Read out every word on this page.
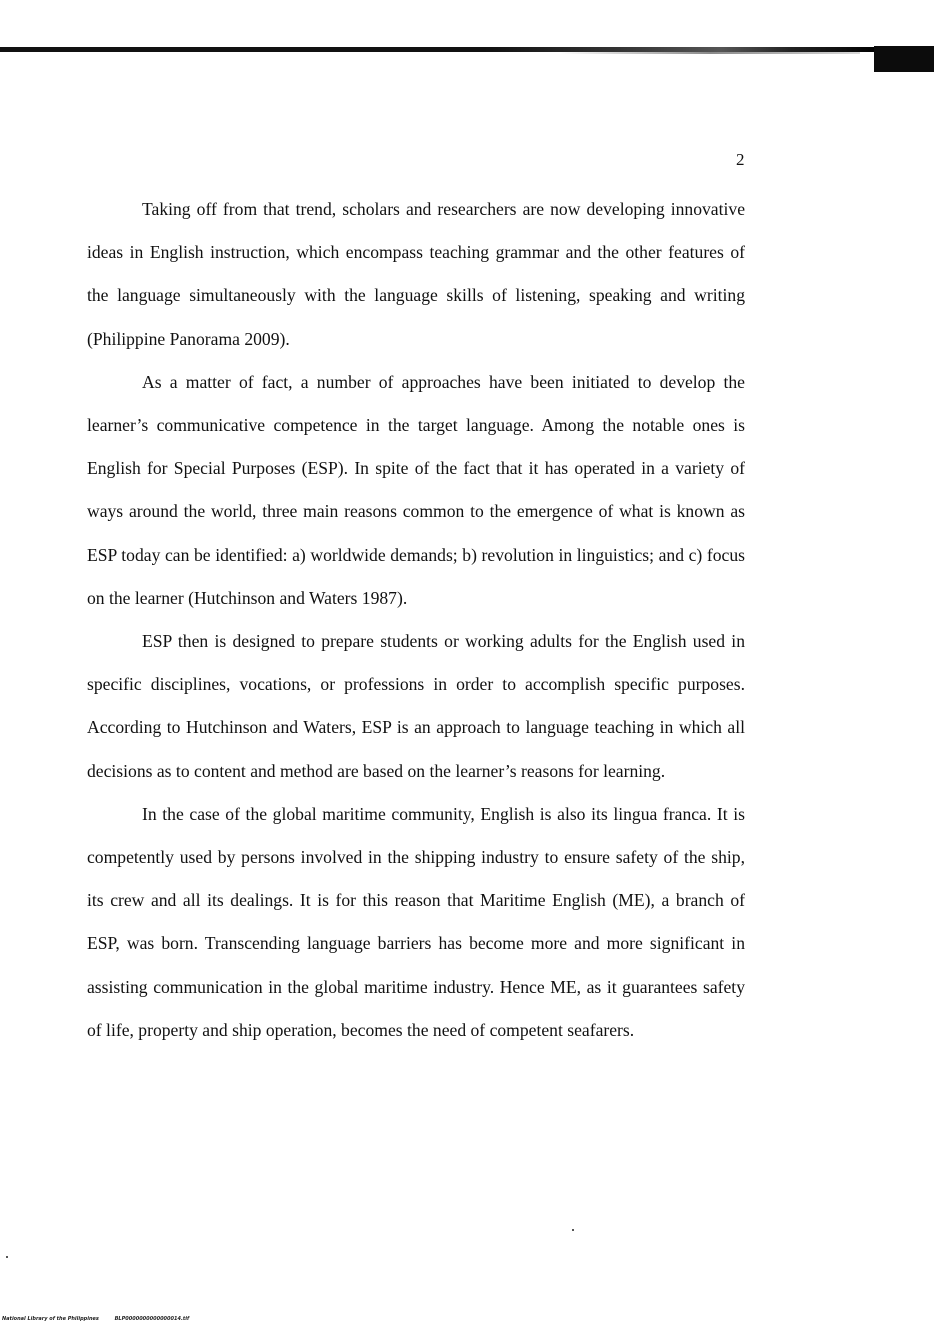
2

Taking off from that trend, scholars and researchers are now developing innovative ideas in English instruction, which encompass teaching grammar and the other features of the language simultaneously with the language skills of listening, speaking and writing (Philippine Panorama 2009).

As a matter of fact, a number of approaches have been initiated to develop the learner’s communicative competence in the target language. Among the notable ones is English for Special Purposes (ESP). In spite of the fact that it has operated in a variety of ways around the world, three main reasons common to the emergence of what is known as ESP today can be identified: a) worldwide demands; b) revolution in linguistics; and c) focus on the learner (Hutchinson and Waters 1987).

ESP then is designed to prepare students or working adults for the English used in specific disciplines, vocations, or professions in order to accomplish specific purposes. According to Hutchinson and Waters, ESP is an approach to language teaching in which all decisions as to content and method are based on the learner’s reasons for learning.

In the case of the global maritime community, English is also its lingua franca. It is competently used by persons involved in the shipping industry to ensure safety of the ship, its crew and all its dealings. It is for this reason that Maritime English (ME), a branch of ESP, was born. Transcending language barriers has become more and more significant in assisting communication in the global maritime industry. Hence ME, as it guarantees safety of life, property and ship operation, becomes the need of competent seafarers.

National Library of the Philippines	BLP0000000000000014.tif
